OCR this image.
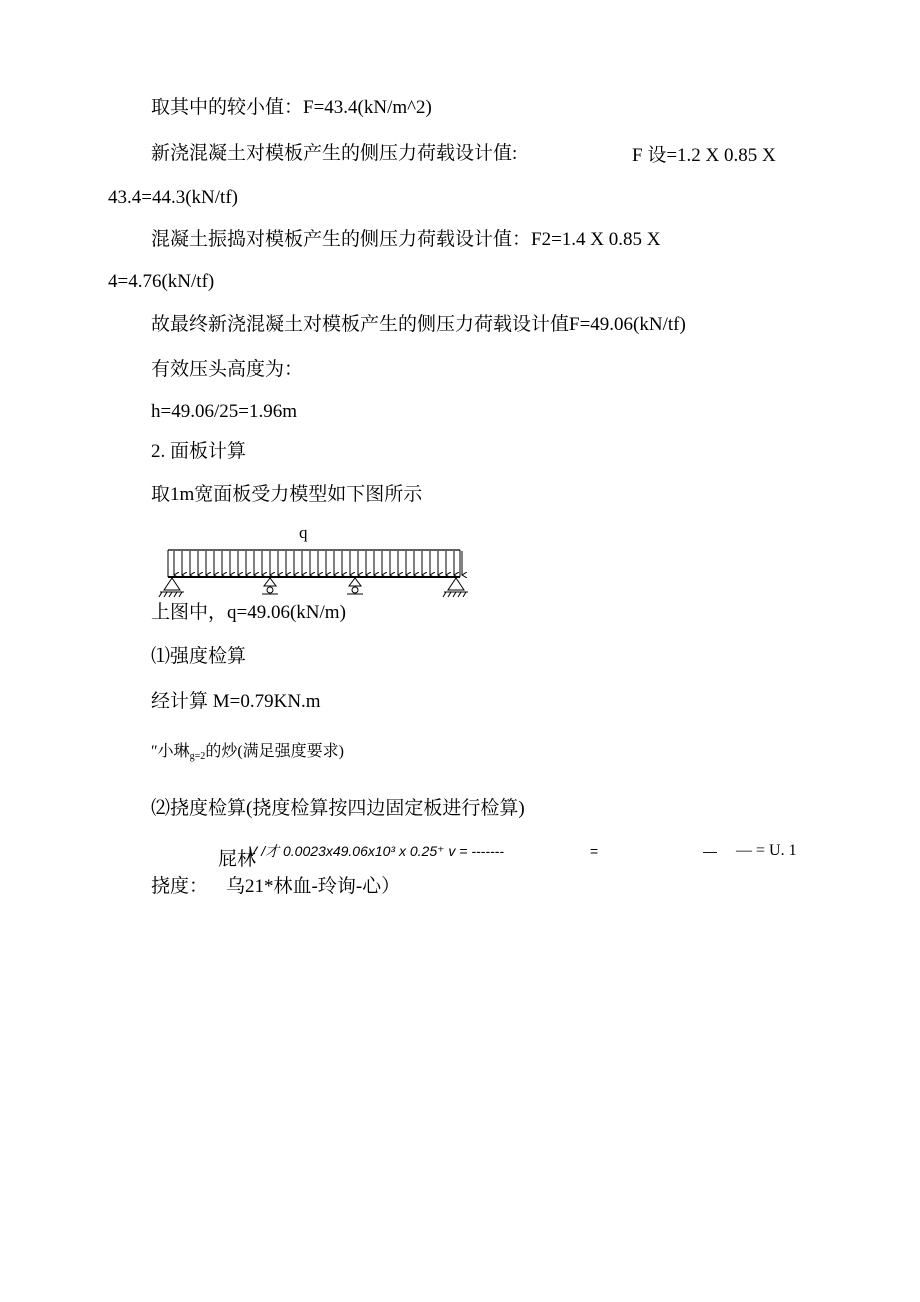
取其中的较小值：F=43.4(kN/m^2)
新浇混凝土对模板产生的侧压力荷载设计值:	F 设=1.2 X 0.85 X
43.4=44.3(kN/tf)
混凝土振捣对模板产生的侧压力荷载设计值：F2=1.4 X 0.85 X
4=4.76(kN/tf)
故最终新浇混凝土对模板产生的侧压力荷载设计值F=49.06(kN/tf)
有效压头高度为：
h=49.06/25=1.96m
2. 面板计算
取1m宽面板受力模型如下图所示
q
上图中，q=49.06(kN/m)
⑴强度检算
经计算 M=0.79KN.m
″小琳$_{g=2}$的炒(满足强度要求)
⑵挠度检算(挠度检算按四边固定板进行检算)
V /才 0.0023x49.06x10³ x 0.25⁺ v = -------	=	— — = U. 1
屁林
挠度： 乌21*林血-玲询-心）
